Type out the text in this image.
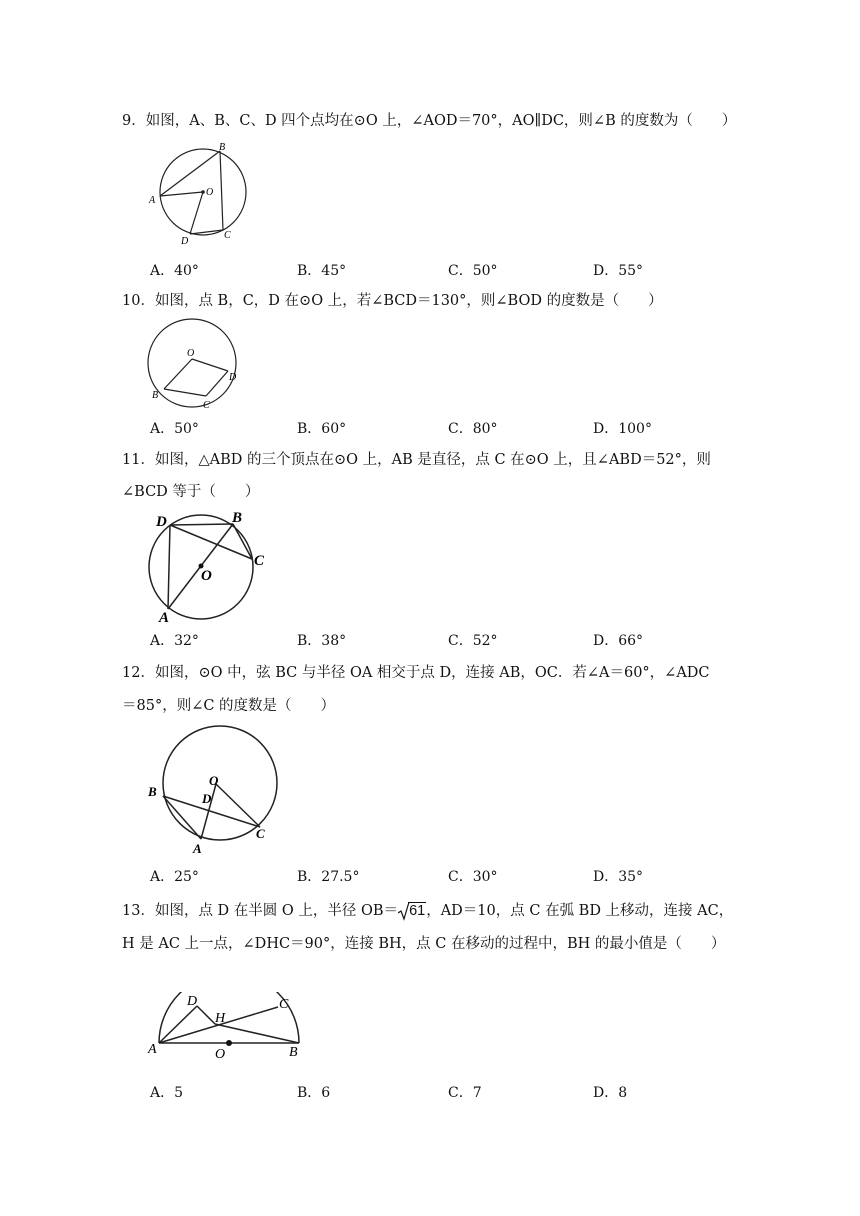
9．如图，A、B、C、D 四个点均在⊙O 上，∠AOD＝70°，AO∥DC，则∠B 的度数为（　　）
B
O
A
D
C
A．40°	B．45°	C．50°	D．55°
10．如图，点 B，C，D 在⊙O 上，若∠BCD＝130°，则∠BOD 的度数是（　　）
O
B
C
D
A．50°	B．60°	C．80°	D．100°
11．如图，△ABD 的三个顶点在⊙O 上，AB 是直径，点 C 在⊙O 上，且∠ABD＝52°，则
∠BCD 等于（　　）
D	B
C
O
A
A．32°	B．38°	C．52°	D．66°
12．如图，⊙O 中，弦 BC 与半径 OA 相交于点 D，连接 AB，OC．若∠A＝60°，∠ADC
＝85°，则∠C 的度数是（　　）
O
B	D
C
A
A．25°	B．27.5°	C．30°	D．35°
13．如图，点 D 在半圆 O 上，半径 OB＝ 61，AD＝10，点 C 在弧 BD 上移动，连接 AC，
H 是 AC 上一点，∠DHC＝90°，连接 BH，点 C 在移动的过程中，BH 的最小值是（　　）
D	C
H
A	O	B
A．5	B．6	C．7	D．8
